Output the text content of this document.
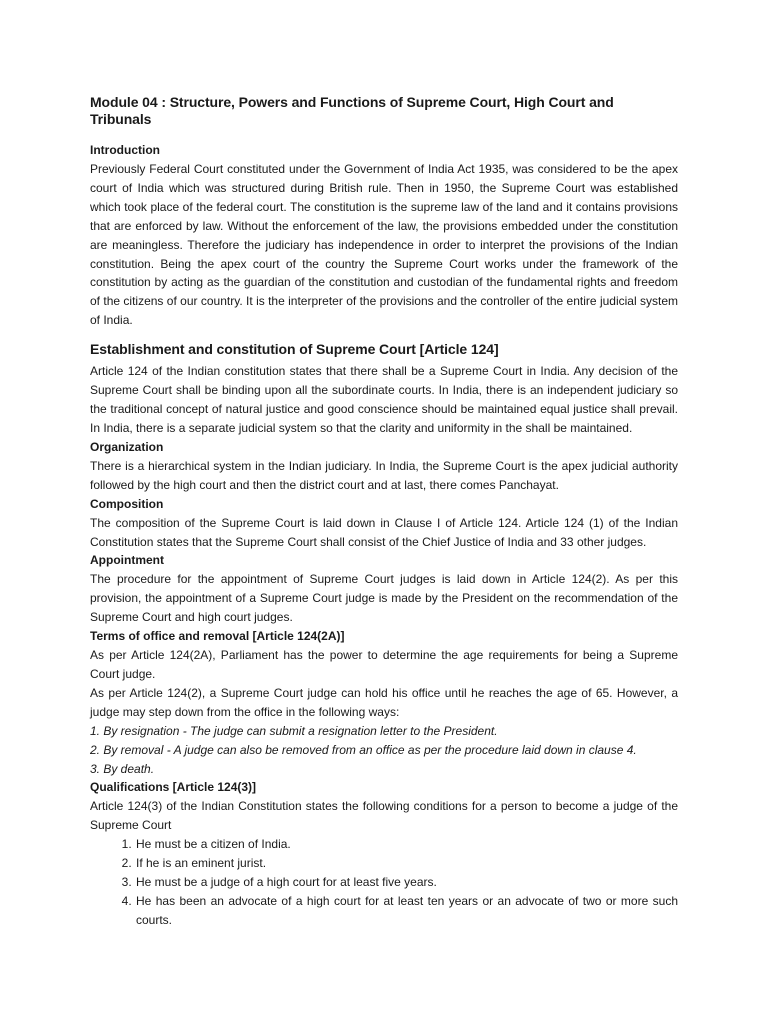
Module 04 : Structure, Powers and Functions of Supreme Court, High Court and Tribunals
Introduction

Previously Federal Court constituted under the Government of India Act 1935, was considered to be the apex court of India which was structured during British rule. Then in 1950, the Supreme Court was established which took place of the federal court. The constitution is the supreme law of the land and it contains provisions that are enforced by law. Without the enforcement of the law, the provisions embedded under the constitution are meaningless. Therefore the judiciary has independence in order to interpret the provisions of the Indian constitution. Being the apex court of the country the Supreme Court works under the framework of the constitution by acting as the guardian of the constitution and custodian of the fundamental rights and freedom of the citizens of our country. It is the interpreter of the provisions and the controller of the entire judicial system of India.

Establishment and constitution of Supreme Court [Article 124]

Article 124 of the Indian constitution states that there shall be a Supreme Court in India. Any decision of the Supreme Court shall be binding upon all the subordinate courts. In India, there is an independent judiciary so the traditional concept of natural justice and good conscience should be maintained equal justice shall prevail. In India, there is a separate judicial system so that the clarity and uniformity in the shall be maintained.

Organization

There is a hierarchical system in the Indian judiciary. In India, the Supreme Court is the apex judicial authority followed by the high court and then the district court and at last, there comes Panchayat.

Composition

The composition of the Supreme Court is laid down in Clause I of Article 124. Article 124 (1) of the Indian Constitution states that the Supreme Court shall consist of the Chief Justice of India and 33 other judges.

Appointment

The procedure for the appointment of Supreme Court judges is laid down in Article 124(2). As per this provision, the appointment of a Supreme Court judge is made by the President on the recommendation of the Supreme Court and high court judges.

Terms of office and removal [Article 124(2A)]

As per Article 124(2A), Parliament has the power to determine the age requirements for being a Supreme Court judge.

As per Article 124(2), a Supreme Court judge can hold his office until he reaches the age of 65. However, a judge may step down from the office in the following ways:

1. By resignation - The judge can submit a resignation letter to the President.

2. By removal - A judge can also be removed from an office as per the procedure laid down in clause 4.

3. By death.

Qualifications [Article 124(3)]

Article 124(3) of the Indian Constitution states the following conditions for a person to become a judge of the Supreme Court

1. He must be a citizen of India.
2. If he is an eminent jurist.
3. He must be a judge of a high court for at least five years.
4. He has been an advocate of a high court for at least ten years or an advocate of two or more such courts.
